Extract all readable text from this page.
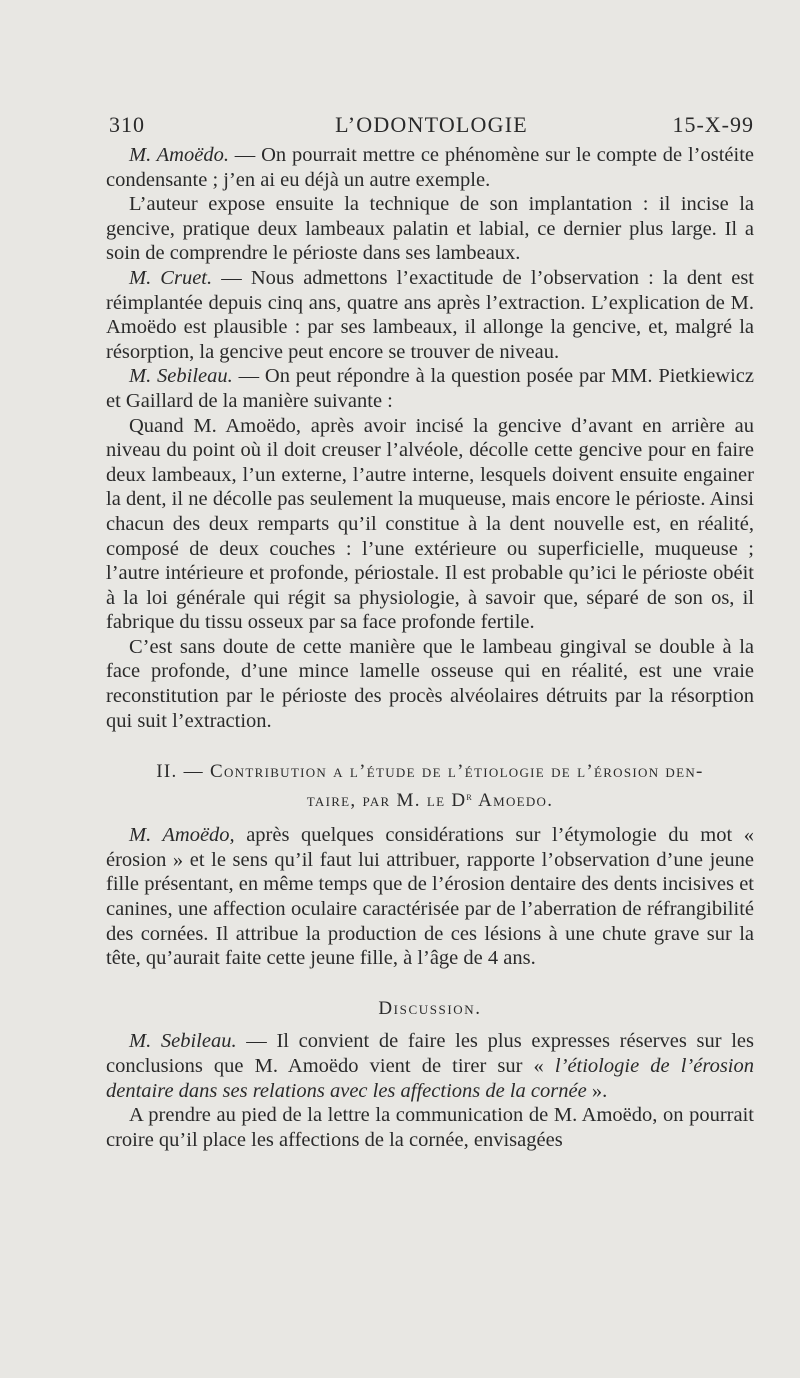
310	L’ODONTOLOGIE	15-X-99

M. Amoëdo. — On pourrait mettre ce phénomène sur le compte de l’ostéite condensante ; j’en ai eu déjà un autre exemple.

L’auteur expose ensuite la technique de son implantation : il incise la gencive, pratique deux lambeaux palatin et labial, ce dernier plus large. Il a soin de comprendre le périoste dans ses lambeaux.

M. Cruet. — Nous admettons l’exactitude de l’observation : la dent est réimplantée depuis cinq ans, quatre ans après l’extraction. L’explication de M. Amoëdo est plausible : par ses lambeaux, il allonge la gencive, et, malgré la résorption, la gencive peut encore se trouver de niveau.

M. Sebileau. — On peut répondre à la question posée par MM. Pietkiewicz et Gaillard de la manière suivante :

Quand M. Amoëdo, après avoir incisé la gencive d’avant en arrière au niveau du point où il doit creuser l’alvéole, décolle cette gencive pour en faire deux lambeaux, l’un externe, l’autre interne, lesquels doivent ensuite engainer la dent, il ne décolle pas seulement la muqueuse, mais encore le périoste. Ainsi chacun des deux remparts qu’il constitue à la dent nouvelle est, en réalité, composé de deux couches : l’une extérieure ou superficielle, muqueuse ; l’autre intérieure et profonde, périostale. Il est probable qu’ici le périoste obéit à la loi générale qui régit sa physiologie, à savoir que, séparé de son os, il fabrique du tissu osseux par sa face profonde fertile.

C’est sans doute de cette manière que le lambeau gingival se double à la face profonde, d’une mince lamelle osseuse qui en réalité, est une vraie reconstitution par le périoste des procès alvéolaires détruits par la résorption qui suit l’extraction.

II. — Contribution a l’étude de l’étiologie de l’érosion den-
taire, par M. le $D^r$ Amoedo.

M. Amoëdo, après quelques considérations sur l’étymologie du mot « érosion » et le sens qu’il faut lui attribuer, rapporte l’observation d’une jeune fille présentant, en même temps que de l’érosion dentaire des dents incisives et canines, une affection oculaire caractérisée par de l’aberration de réfrangibilité des cornées. Il attribue la production de ces lésions à une chute grave sur la tête, qu’aurait faite cette jeune fille, à l’âge de 4 ans.

Discussion.

M. Sebileau. — Il convient de faire les plus expresses réserves sur les conclusions que M. Amoëdo vient de tirer sur « l’étiologie de l’érosion dentaire dans ses relations avec les affections de la cornée ».

A prendre au pied de la lettre la communication de M. Amoëdo, on pourrait croire qu’il place les affections de la cornée, envisagées
